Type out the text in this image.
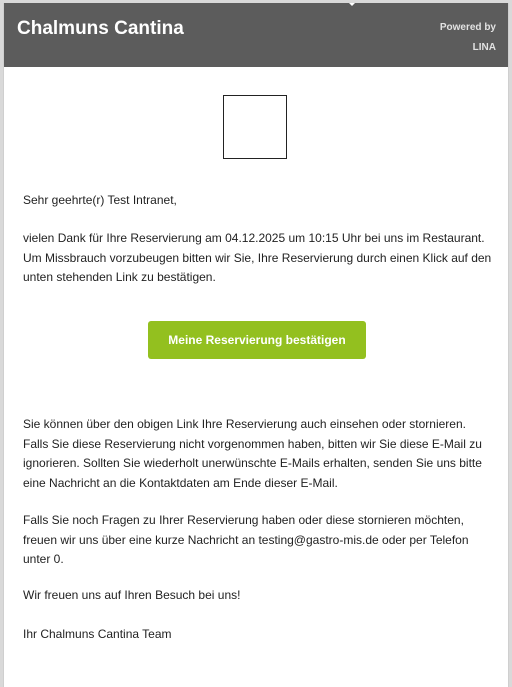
Chalmuns Cantina	Powered by
LINA

Sehr geehrte(r) Test Intranet,

vielen Dank für Ihre Reservierung am 04.12.2025 um 10:15 Uhr bei uns im Restaurant. Um Missbrauch vorzubeugen bitten wir Sie, Ihre Reservierung durch einen Klick auf den unten stehenden Link zu bestätigen.

Meine Reservierung bestätigen

Sie können über den obigen Link Ihre Reservierung auch einsehen oder stornieren. Falls Sie diese Reservierung nicht vorgenommen haben, bitten wir Sie diese E-Mail zu ignorieren. Sollten Sie wiederholt unerwünschte E-Mails erhalten, senden Sie uns bitte eine Nachricht an die Kontaktdaten am Ende dieser E-Mail.

Falls Sie noch Fragen zu Ihrer Reservierung haben oder diese stornieren möchten, freuen wir uns über eine kurze Nachricht an testing@gastro-mis.de oder per Telefon unter 0.

Wir freuen uns auf Ihren Besuch bei uns!

Ihr Chalmuns Cantina Team
